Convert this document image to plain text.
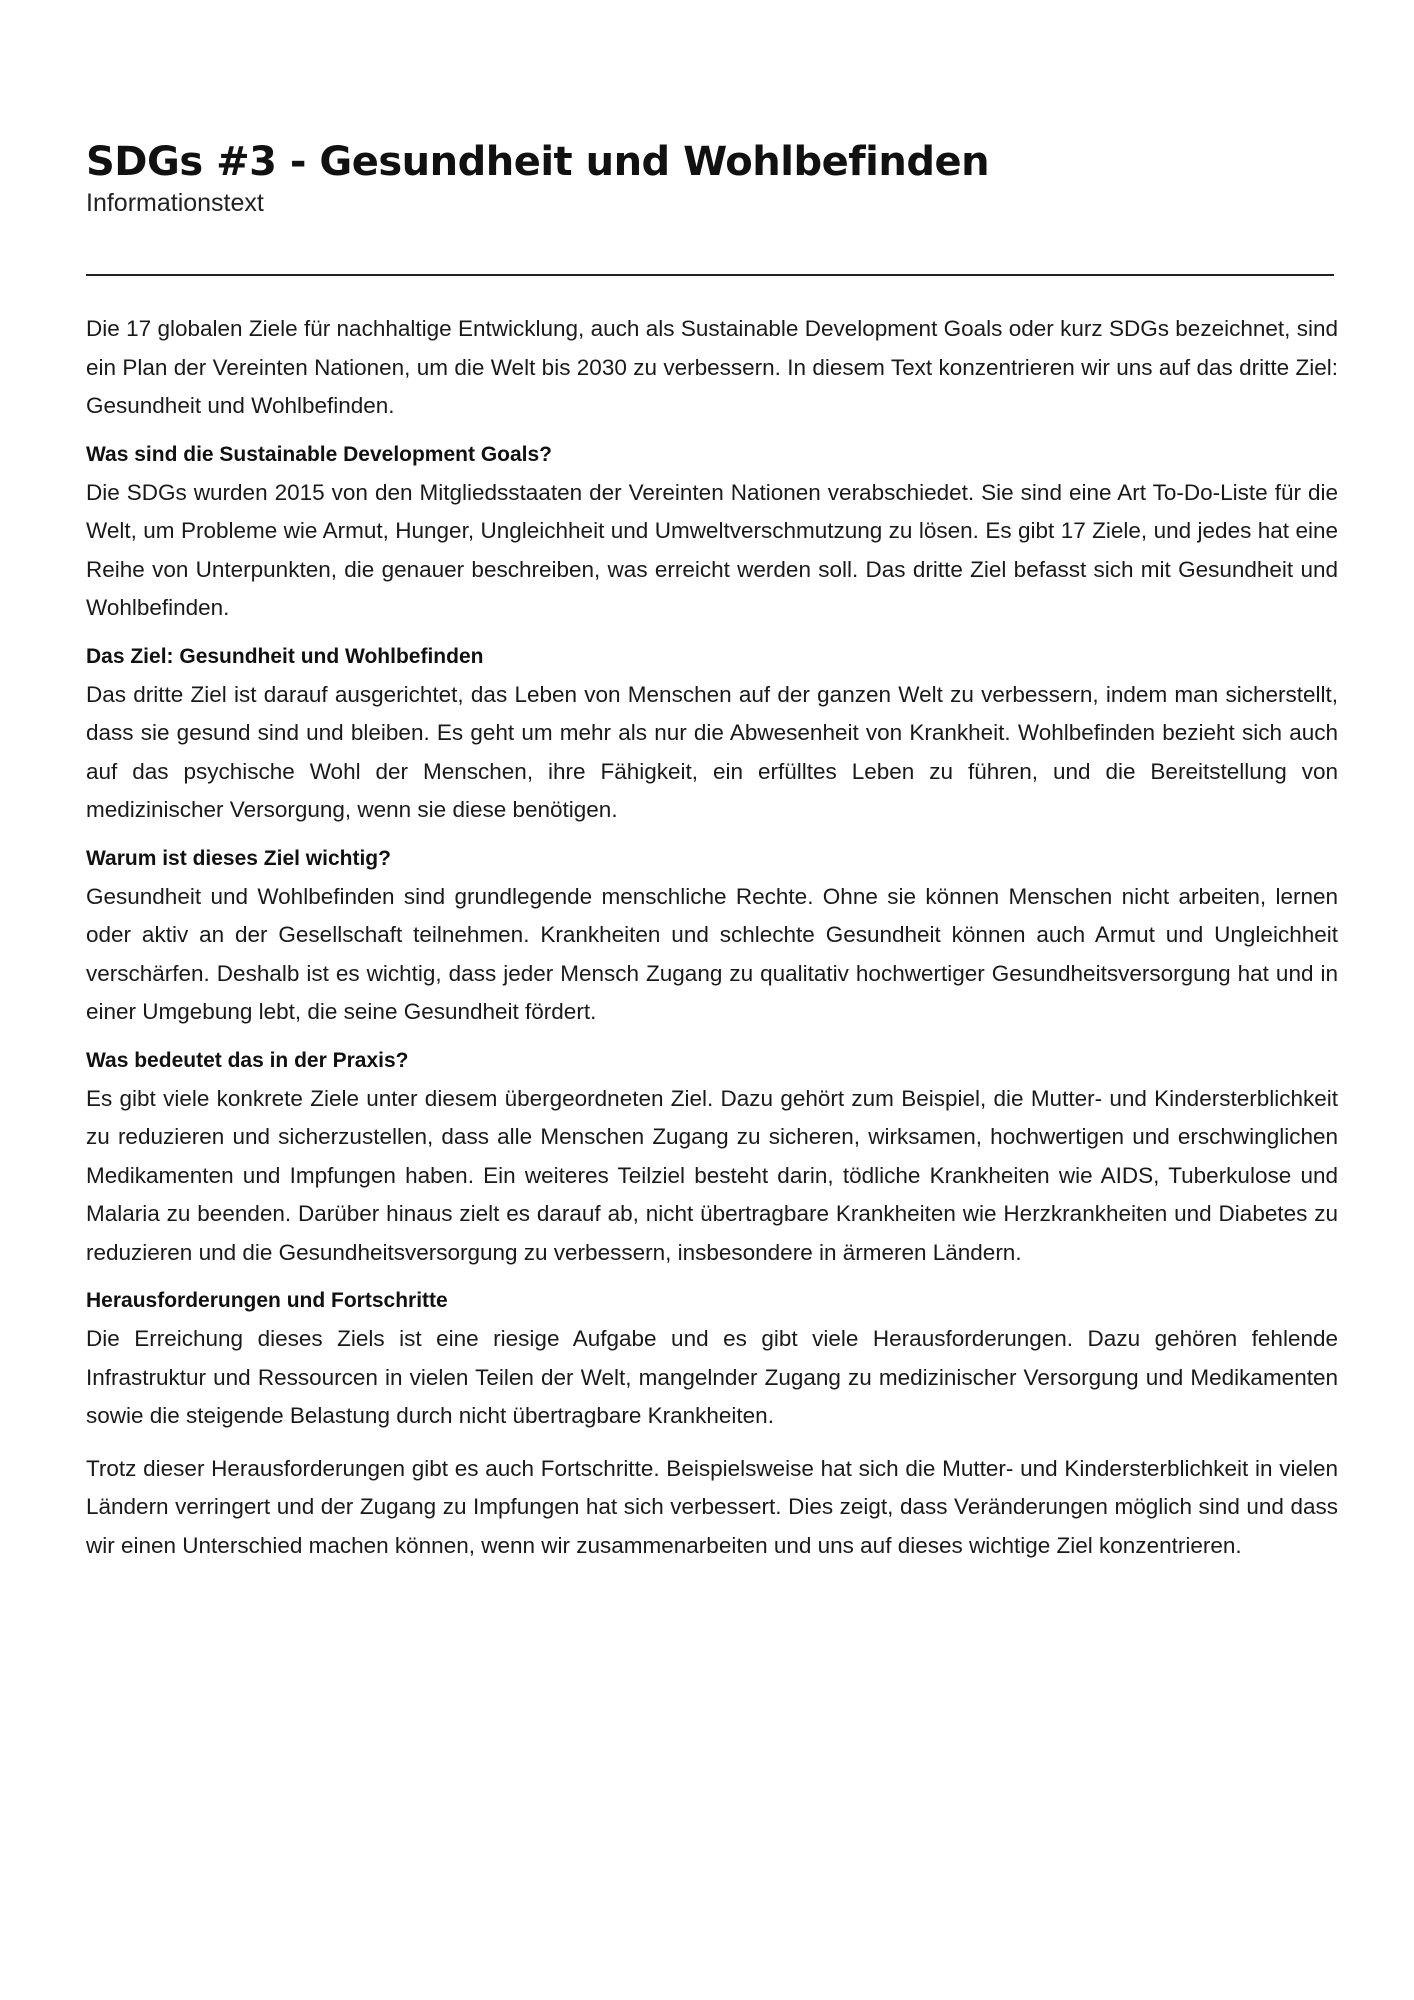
SDGs #3 - Gesundheit und Wohlbefinden
Informationstext

Die 17 globalen Ziele für nachhaltige Entwicklung, auch als Sustainable Development Goals oder kurz SDGs bezeichnet, sind ein Plan der Vereinten Nationen, um die Welt bis 2030 zu verbessern. In diesem Text konzentrieren wir uns auf das dritte Ziel: Gesundheit und Wohlbefinden.

Was sind die Sustainable Development Goals?

Die SDGs wurden 2015 von den Mitgliedsstaaten der Vereinten Nationen verabschiedet. Sie sind eine Art To-Do-Liste für die Welt, um Probleme wie Armut, Hunger, Ungleichheit und Umweltverschmutzung zu lösen. Es gibt 17 Ziele, und jedes hat eine Reihe von Unterpunkten, die genauer beschreiben, was erreicht werden soll. Das dritte Ziel befasst sich mit Gesundheit und Wohlbefinden.

Das Ziel: Gesundheit und Wohlbefinden

Das dritte Ziel ist darauf ausgerichtet, das Leben von Menschen auf der ganzen Welt zu verbessern, indem man sicherstellt, dass sie gesund sind und bleiben. Es geht um mehr als nur die Abwesenheit von Krankheit. Wohlbefinden bezieht sich auch auf das psychische Wohl der Menschen, ihre Fähigkeit, ein erfülltes Leben zu führen, und die Bereitstellung von medizinischer Versorgung, wenn sie diese benötigen.

Warum ist dieses Ziel wichtig?

Gesundheit und Wohlbefinden sind grundlegende menschliche Rechte. Ohne sie können Menschen nicht arbeiten, lernen oder aktiv an der Gesellschaft teilnehmen. Krankheiten und schlechte Gesundheit können auch Armut und Ungleichheit verschärfen. Deshalb ist es wichtig, dass jeder Mensch Zugang zu qualitativ hochwertiger Gesundheitsversorgung hat und in einer Umgebung lebt, die seine Gesundheit fördert.

Was bedeutet das in der Praxis?

Es gibt viele konkrete Ziele unter diesem übergeordneten Ziel. Dazu gehört zum Beispiel, die Mutter- und Kindersterblichkeit zu reduzieren und sicherzustellen, dass alle Menschen Zugang zu sicheren, wirksamen, hochwertigen und erschwinglichen Medikamenten und Impfungen haben. Ein weiteres Teilziel besteht darin, tödliche Krankheiten wie AIDS, Tuberkulose und Malaria zu beenden. Darüber hinaus zielt es darauf ab, nicht übertragbare Krankheiten wie Herzkrankheiten und Diabetes zu reduzieren und die Gesundheitsversorgung zu verbessern, insbesondere in ärmeren Ländern.

Herausforderungen und Fortschritte

Die Erreichung dieses Ziels ist eine riesige Aufgabe und es gibt viele Herausforderungen. Dazu gehören fehlende Infrastruktur und Ressourcen in vielen Teilen der Welt, mangelnder Zugang zu medizinischer Versorgung und Medikamenten sowie die steigende Belastung durch nicht übertragbare Krankheiten.

Trotz dieser Herausforderungen gibt es auch Fortschritte. Beispielsweise hat sich die Mutter- und Kindersterblichkeit in vielen Ländern verringert und der Zugang zu Impfungen hat sich verbessert. Dies zeigt, dass Veränderungen möglich sind und dass wir einen Unterschied machen können, wenn wir zusammenarbeiten und uns auf dieses wichtige Ziel konzentrieren.
